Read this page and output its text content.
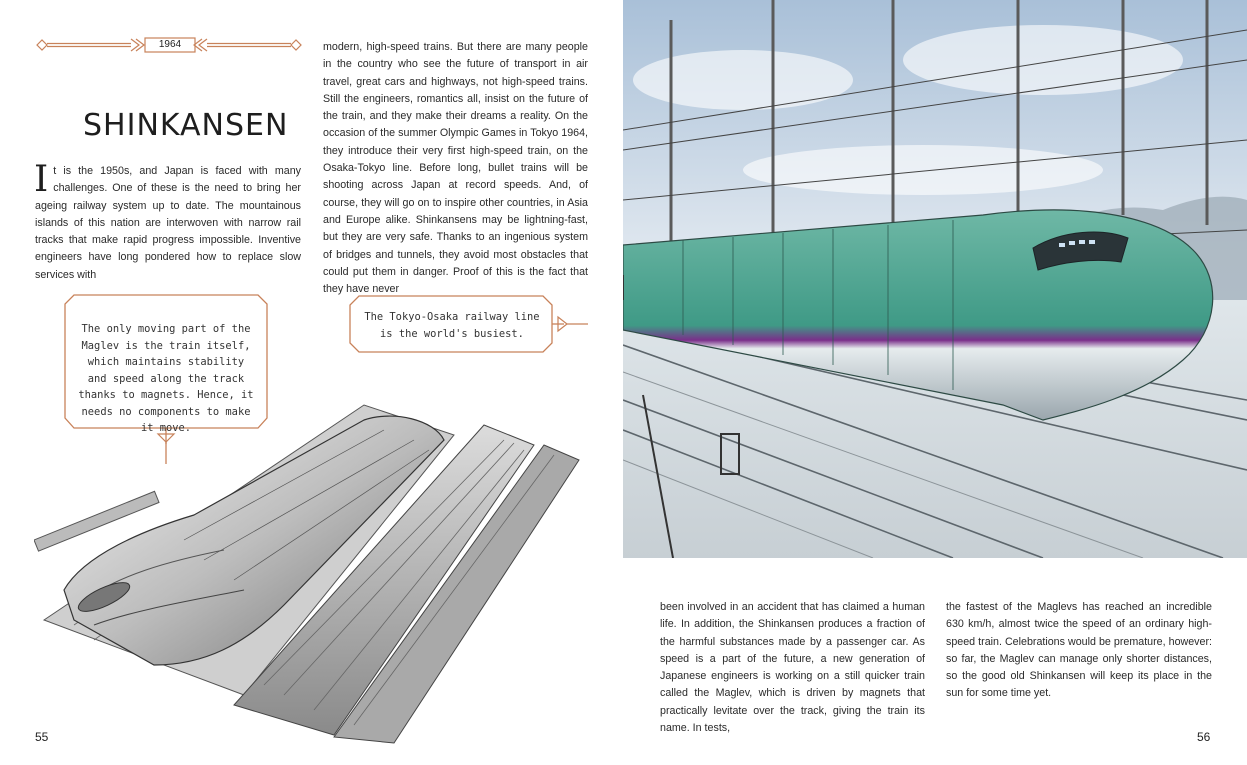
1964
SHINKANSEN
I t is the 1950s, and Japan is faced with many challenges. One of these is the need to bring her ageing railway system up to date. The mountainous islands of this nation are interwoven with narrow rail tracks that make rapid progress impossible. Inventive engineers have long pondered how to replace slow services with
modern, high-speed trains. But there are many people in the country who see the future of transport in air travel, great cars and highways, not high-speed trains. Still the engineers, romantics all, insist on the future of the train, and they make their dreams a reality. On the occasion of the summer Olympic Games in Tokyo 1964, they introduce their very first high-speed train, on the Osaka-Tokyo line. Before long, bullet trains will be shooting across Japan at record speeds. And, of course, they will go on to inspire other countries, in Asia and Europe alike. Shinkansens may be lightning-fast, but they are very safe. Thanks to an ingenious system of bridges and tunnels, they avoid most obstacles that could put them in danger. Proof of this is the fact that they have never
The only moving part of the Maglev is the train itself, which maintains stability and speed along the track thanks to magnets. Hence, it needs no components to make it move.
The Tokyo-Osaka railway line is the world's busiest.
55
been involved in an accident that has claimed a human life. In addition, the Shinkansen produces a fraction of the harmful substances made by a passenger car. As speed is a part of the future, a new generation of Japanese engineers is working on a still quicker train called the Maglev, which is driven by magnets that practically levitate over the track, giving the train its name. In tests,
the fastest of the Maglevs has reached an incredible 630 km/h, almost twice the speed of an ordinary high-speed train. Celebrations would be premature, however: so far, the Maglev can manage only shorter distances, so the good old Shinkansen will keep its place in the sun for some time yet.
56
